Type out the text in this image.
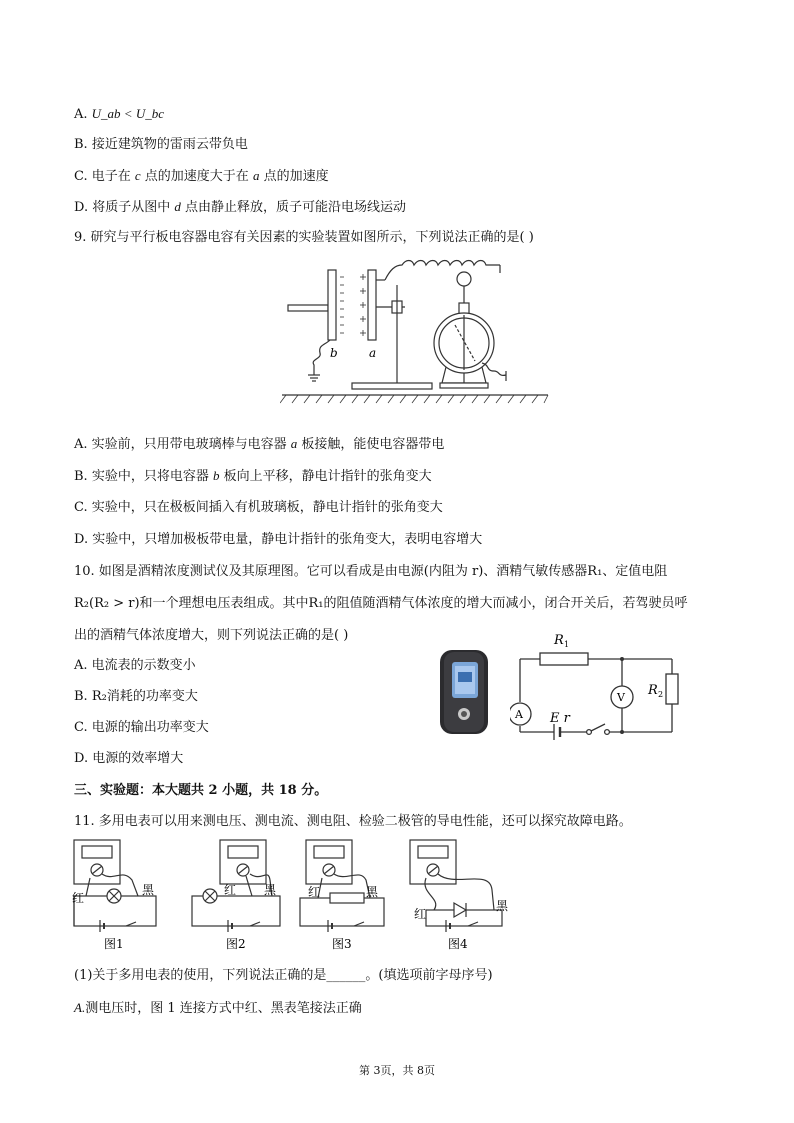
A. U_ab < U_bc
B. 接近建筑物的雷雨云带负电
C. 电子在 c 点的加速度大于在 a 点的加速度
D. 将质子从图中 d 点由静止释放，质子可能沿电场线运动
9. 研究与平行板电容器电容有关因素的实验装置如图所示，下列说法正确的是( )
b	a
A. 实验前，只用带电玻璃棒与电容器 a 板接触，能使电容器带电
B. 实验中，只将电容器 b 板向上平移，静电计指针的张角变大
C. 实验中，只在极板间插入有机玻璃板，静电计指针的张角变大
D. 实验中，只增加极板带电量，静电计指针的张角变大，表明电容增大
10. 如图是酒精浓度测试仪及其原理图。它可以看成是由电源(内阻为 r)、酒精气敏传感器R₁、定值电阻
R₂(R₂ > r)和一个理想电压表组成。其中R₁的阻值随酒精气体浓度的增大而减小，闭合开关后，若驾驶员呼
出的酒精气体浓度增大，则下列说法正确的是( )
A. 电流表的示数变小
B. R₂消耗的功率变大
C. 电源的输出功率变大
D. 电源的效率增大
R 1
R 2
A
V
E r
三、实验题：本大题共 2 小题，共 18 分。
11. 多用电表可以用来测电压、测电流、测电阻、检验二极管的导电性能，还可以探究故障电路。
红
黑	红 黑	红	黑
红
黑
图1	图2	图3	图4
(1)关于多用电表的使用，下列说法正确的是______。(填选项前字母序号)
A.测电压时，图 1 连接方式中红、黑表笔接法正确
第 3页，共 8页
